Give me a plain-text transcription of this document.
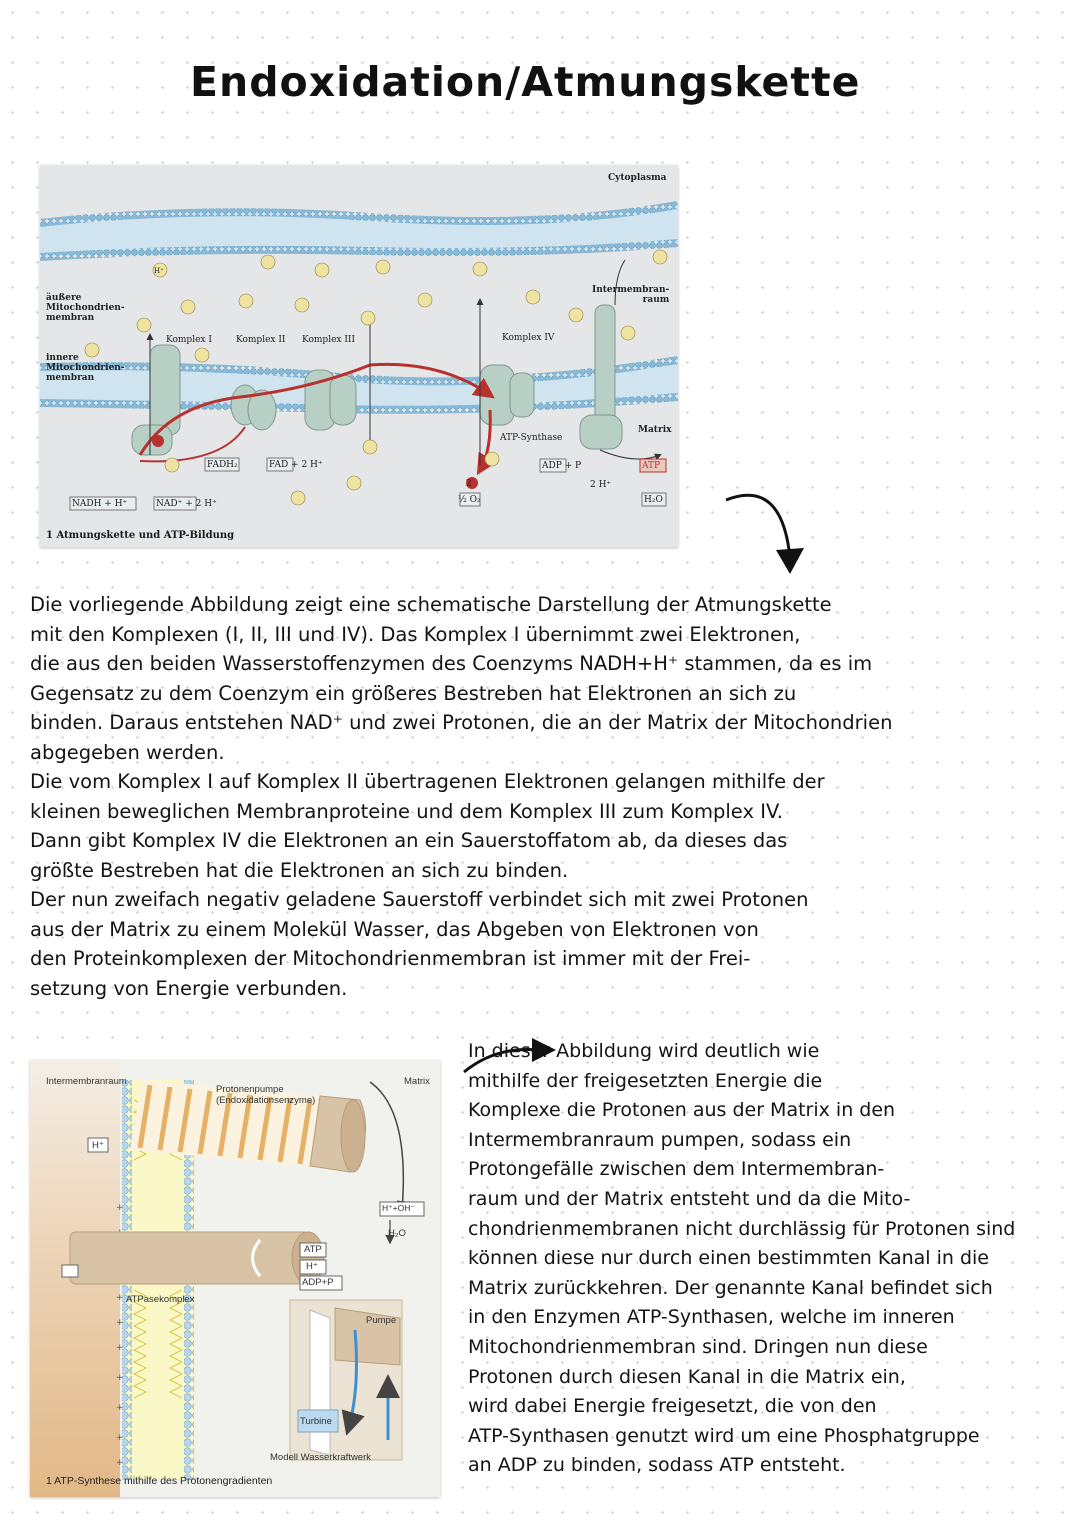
Endoxidation/Atmungskette
Cytoplasma
äußere
Mitochondrien-
membran
innere
Mitochondrien-
membran
Intermembran-
raum
Matrix
Komplex I	Komplex II Komplex III	Komplex IV
ATP-Synthase
NADH + H⁺	NAD⁺ + 2 H⁺
FADH₂	FAD + 2 H⁺	ADP + P	ATP
H₂O
½ O₂
2	2 H⁺
H⁺
1 Atmungskette und ATP-Bildung
Die vorliegende Abbildung zeigt eine schematische Darstellung der Atmungskette
mit den Komplexen (I, II, III und IV). Das Komplex I übernimmt zwei Elektronen,
die aus den beiden Wasserstoffenzymen des Coenzyms NADH+H⁺ stammen, da es im
Gegensatz zu dem Coenzym ein größeres Bestreben hat Elektronen an sich zu
binden. Daraus entstehen NAD⁺ und zwei Protonen, die an der Matrix der Mitochondrien
abgegeben werden.
Die vom Komplex I auf Komplex II übertragenen Elektronen gelangen mithilfe der
kleinen beweglichen Membranproteine und dem Komplex III zum Komplex IV.
Dann gibt Komplex IV die Elektronen an ein Sauerstoffatom ab, da dieses das
größte Bestreben hat die Elektronen an sich zu binden.
Der nun zweifach negativ geladene Sauerstoff verbindet sich mit zwei Protonen
aus der Matrix zu einem Molekül Wasser, das Abgeben von Elektronen von
den Proteinkomplexen der Mitochondrienmembran ist immer mit der Frei-
setzung von Energie verbunden.
+
+
+
+
+
+
+
+
Intermembranraum
Protonenpumpe
(Endoxidationsenzyme)
Matrix
H⁺+OH⁻
H₂O
ATP
H⁺
ADP+P
ATPasekomplex
Pumpe
Turbine
Modell Wasserkraftwerk
H⁺
1 ATP-Synthese mithilfe des Protonengradienten
In dieser Abbildung wird deutlich wie
mithilfe der freigesetzten Energie die
Komplexe die Protonen aus der Matrix in den
Intermembranraum pumpen, sodass ein
Protongefälle zwischen dem Intermembran-
raum und der Matrix entsteht und da die Mito-
chondrienmembranen nicht durchlässig für Protonen sind
können diese nur durch einen bestimmten Kanal in die
Matrix zurückkehren. Der genannte Kanal befindet sich
in den Enzymen ATP-Synthasen, welche im inneren
Mitochondrienmembran sind. Dringen nun diese
Protonen durch diesen Kanal in die Matrix ein,
wird dabei Energie freigesetzt, die von den
ATP-Synthasen genutzt wird um eine Phosphatgruppe
an ADP zu binden, sodass ATP entsteht.
